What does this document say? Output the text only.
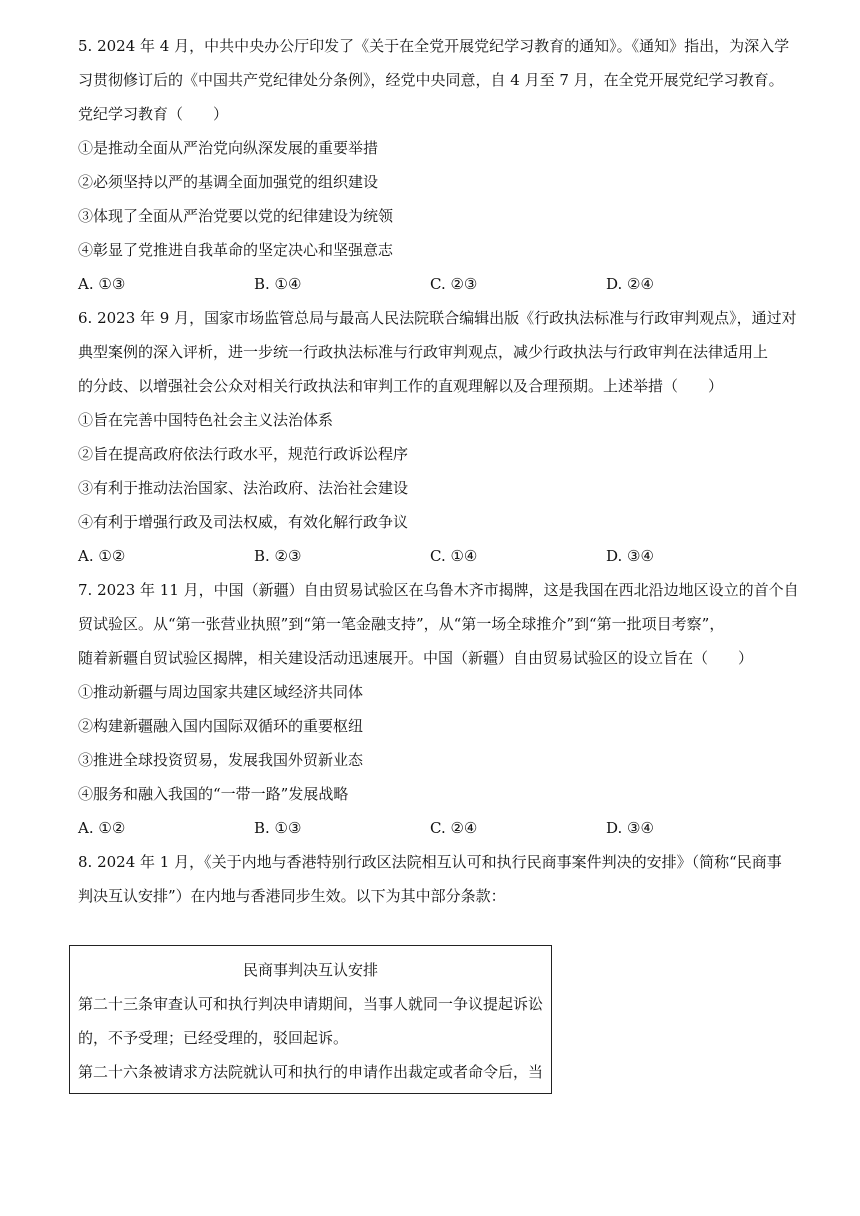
5. 2024 年 4 月，中共中央办公厅印发了《关于在全党开展党纪学习教育的通知》。《通知》指出，为深入学
习贯彻修订后的《中国共产党纪律处分条例》，经党中央同意，自 4 月至 7 月，在全党开展党纪学习教育。
党纪学习教育（　　）
①是推动全面从严治党向纵深发展的重要举措
②必须坚持以严的基调全面加强党的组织建设
③体现了全面从严治党要以党的纪律建设为统领
④彰显了党推进自我革命的坚定决心和坚强意志
A. ①③	B. ①④	C. ②③	D. ②④
6. 2023 年 9 月，国家市场监管总局与最高人民法院联合编辑出版《行政执法标准与行政审判观点》，通过对
典型案例的深入评析，进一步统一行政执法标准与行政审判观点，减少行政执法与行政审判在法律适用上
的分歧、以增强社会公众对相关行政执法和审判工作的直观理解以及合理预期。上述举措（　　）
①旨在完善中国特色社会主义法治体系
②旨在提高政府依法行政水平，规范行政诉讼程序
③有利于推动法治国家、法治政府、法治社会建设
④有利于增强行政及司法权威，有效化解行政争议
A. ①②	B. ②③	C. ①④	D. ③④
7. 2023 年 11 月，中国（新疆）自由贸易试验区在乌鲁木齐市揭牌，这是我国在西北沿边地区设立的首个自
贸试验区。从“第一张营业执照”到“第一笔金融支持”，从“第一场全球推介”到“第一批项目考察”，
随着新疆自贸试验区揭牌，相关建设活动迅速展开。中国（新疆）自由贸易试验区的设立旨在（　　）
①推动新疆与周边国家共建区域经济共同体
②构建新疆融入国内国际双循环的重要枢纽
③推进全球投资贸易，发展我国外贸新业态
④服务和融入我国的“一带一路”发展战略
A. ①②	B. ①③	C. ②④	D. ③④
8. 2024 年 1 月，《关于内地与香港特别行政区法院相互认可和执行民商事案件判决的安排》（简称“民商事
判决互认安排”）在内地与香港同步生效。以下为其中部分条款：
民商事判决互认安排
第二十三条审查认可和执行判决申请期间，当事人就同一争议提起诉讼
的，不予受理；已经受理的，驳回起诉。
第二十六条被请求方法院就认可和执行的申请作出裁定或者命令后，当
